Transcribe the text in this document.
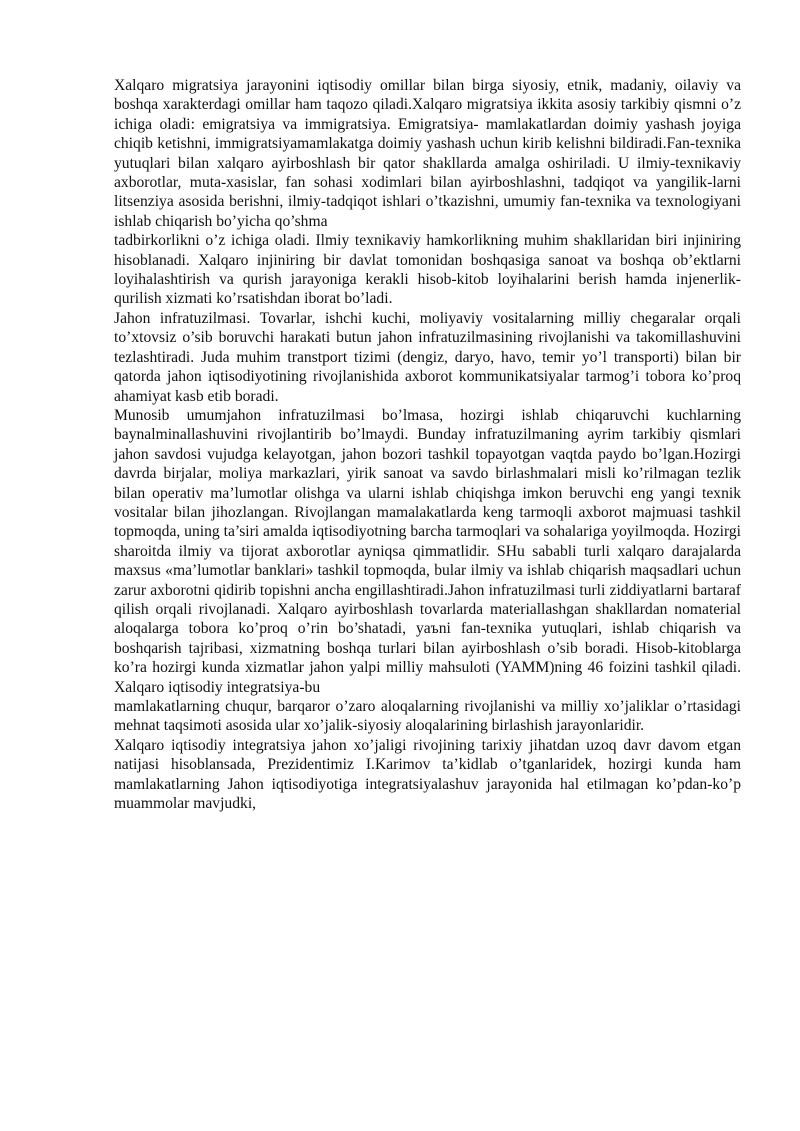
Xalqaro migratsiya jarayonini iqtisodiy omillar bilan birga siyosiy, etnik, madaniy, oilaviy va boshqa xarakterdagi omillar ham taqozo qiladi.Xalqaro migratsiya ikkita asosiy tarkibiy qismni o’z ichiga oladi: emigratsiya va immigratsiya. Emigratsiya- mamlakatlardan doimiy yashash joyiga chiqib ketishni, immigratsiyamamlakatga doimiy yashash uchun kirib kelishni bildiradi.Fan-texnika yutuqlari bilan xalqaro ayirboshlash bir qator shakllarda amalga oshiriladi. U ilmiy-texnikaviy axborotlar, muta-xasislar, fan sohasi xodimlari bilan ayirboshlashni, tadqiqot va yangilik-larni litsenziya asosida berishni, ilmiy-tadqiqot ishlari o’tkazishni, umumiy fan-texnika va texnologiyani ishlab chiqarish bo’yicha qo’shma

tadbirkorlikni o’z ichiga oladi. Ilmiy texnikaviy hamkorlikning muhim shakllaridan biri injiniring hisoblanadi. Xalqaro injiniring bir davlat tomonidan boshqasiga sanoat va boshqa ob’ektlarni loyihalashtirish va qurish jarayoniga kerakli hisob-kitob loyihalarini berish hamda injenerlik-qurilish xizmati ko’rsatishdan iborat bo’ladi.

Jahon infratuzilmasi. Tovarlar, ishchi kuchi, moliyaviy vositalarning milliy chegaralar orqali to’xtovsiz o’sib boruvchi harakati butun jahon infratuzilmasining rivojlanishi va takomillashuvini tezlashtiradi. Juda muhim transtport tizimi (dengiz, daryo, havo, temir yo’l transporti) bilan bir qatorda jahon iqtisodiyotining rivojlanishida axborot kommunikatsiyalar tarmog’i tobora ko’proq ahamiyat kasb etib boradi.

Munosib umumjahon infratuzilmasi bo’lmasa, hozirgi ishlab chiqaruvchi kuchlarning baynalminallashuvini rivojlantirib bo’lmaydi. Bunday infratuzilmaning ayrim tarkibiy qismlari jahon savdosi vujudga kelayotgan, jahon bozori tashkil topayotgan vaqtda paydo bo’lgan.Hozirgi davrda birjalar, moliya markazlari, yirik sanoat va savdo birlashmalari misli ko’rilmagan tezlik bilan operativ ma’lumotlar olishga va ularni ishlab chiqishga imkon beruvchi eng yangi texnik vositalar bilan jihozlangan. Rivojlangan mamalakatlarda keng tarmoqli axborot majmuasi tashkil topmoqda, uning ta’siri amalda iqtisodiyotning barcha tarmoqlari va sohalariga yoyilmoqda. Hozirgi sharoitda ilmiy va tijorat axborotlar ayniqsa qimmatlidir. SHu sababli turli xalqaro darajalarda maxsus «ma’lumotlar banklari» tashkil topmoqda, bular ilmiy va ishlab chiqarish maqsadlari uchun zarur axborotni qidirib topishni ancha engillashtiradi.Jahon infratuzilmasi turli ziddiyatlarni bartaraf qilish orqali rivojlanadi. Xalqaro ayirboshlash tovarlarda materiallashgan shakllardan nomaterial aloqalarga tobora ko’proq o’rin bo’shatadi, yaъni fan-texnika yutuqlari, ishlab chiqarish va boshqarish tajribasi, xizmatning boshqa turlari bilan ayirboshlash o’sib boradi. Hisob-kitoblarga ko’ra hozirgi kunda xizmatlar jahon yalpi milliy mahsuloti (YAMM)ning 46 foizini tashkil qiladi. Xalqaro iqtisodiy integratsiya-bu

mamlakatlarning chuqur, barqaror o’zaro aloqalarning rivojlanishi va milliy xo’jaliklar o’rtasidagi mehnat taqsimoti asosida ular xo’jalik-siyosiy aloqalarining birlashish jarayonlaridir.

Xalqaro iqtisodiy integratsiya jahon xo’jaligi rivojining tarixiy jihatdan uzoq davr davom etgan natijasi hisoblansada, Prezidentimiz I.Karimov ta’kidlab o’tganlaridek, hozirgi kunda ham mamlakatlarning Jahon iqtisodiyotiga integratsiyalashuv jarayonida hal etilmagan ko’pdan-ko’p muammolar mavjudki,
